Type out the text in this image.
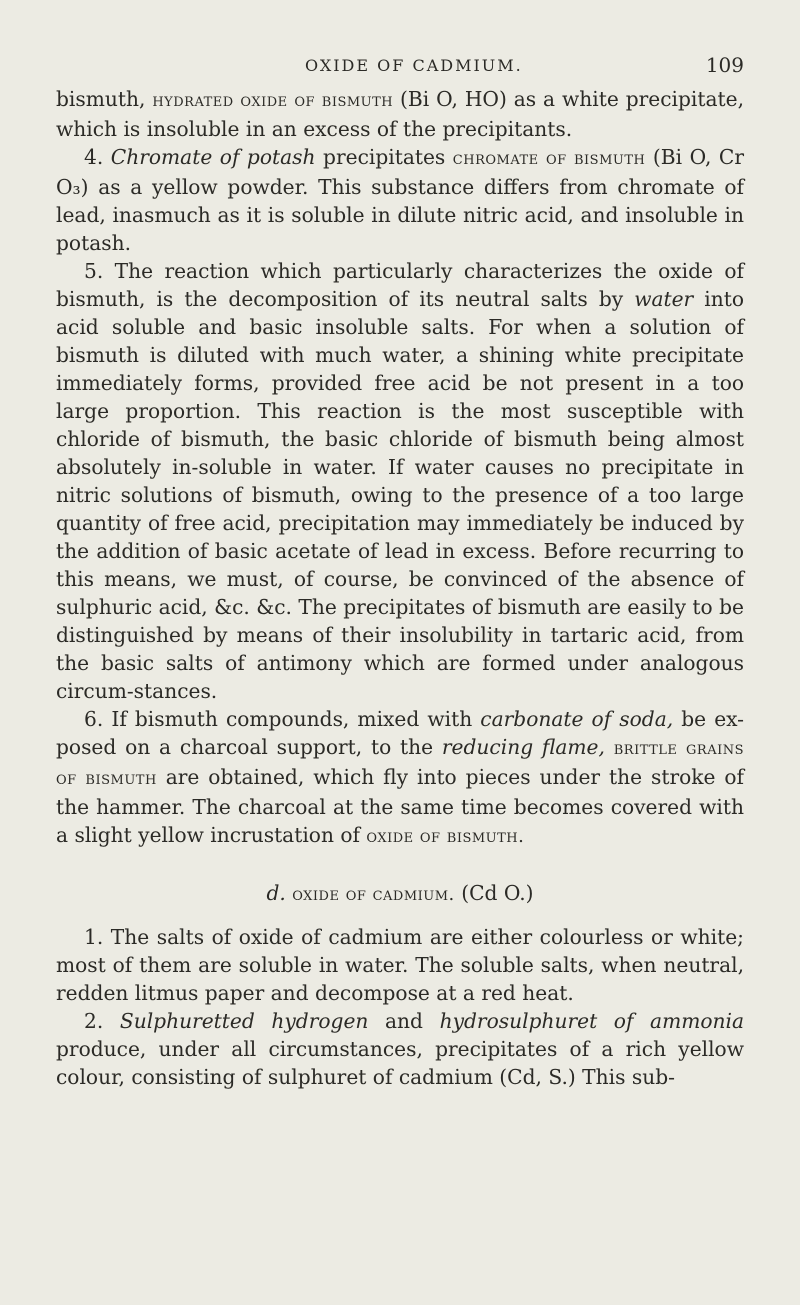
OXIDE OF CADMIUM.	109

bismuth, hydrated oxide of bismuth (Bi O, HO) as a white precipitate, which is insoluble in an excess of the precipitants.

4. Chromate of potash precipitates chromate of bismuth (Bi O, Cr O₃) as a yellow powder. This substance differs from chromate of lead, inasmuch as it is soluble in dilute nitric acid, and insoluble in potash.

5. The reaction which particularly characterizes the oxide of bismuth, is the decomposition of its neutral salts by water into acid soluble and basic insoluble salts. For when a solution of bismuth is diluted with much water, a shining white precipitate immediately forms, provided free acid be not present in a too large proportion. This reaction is the most susceptible with chloride of bismuth, the basic chloride of bismuth being almost absolutely in-soluble in water. If water causes no precipitate in nitric solutions of bismuth, owing to the presence of a too large quantity of free acid, precipitation may immediately be induced by the addition of basic acetate of lead in excess. Before recurring to this means, we must, of course, be convinced of the absence of sulphuric acid, &c. &c. The precipitates of bismuth are easily to be distinguished by means of their insolubility in tartaric acid, from the basic salts of antimony which are formed under analogous circum-stances.

6. If bismuth compounds, mixed with carbonate of soda, be ex-posed on a charcoal support, to the reducing flame, brittle grains of bismuth are obtained, which fly into pieces under the stroke of the hammer. The charcoal at the same time becomes covered with a slight yellow incrustation of oxide of bismuth.

d. oxide of cadmium. (Cd O.)

1. The salts of oxide of cadmium are either colourless or white; most of them are soluble in water. The soluble salts, when neutral, redden litmus paper and decompose at a red heat.

2. Sulphuretted hydrogen and hydrosulphuret of ammonia produce, under all circumstances, precipitates of a rich yellow colour, consisting of sulphuret of cadmium (Cd, S.) This sub-
